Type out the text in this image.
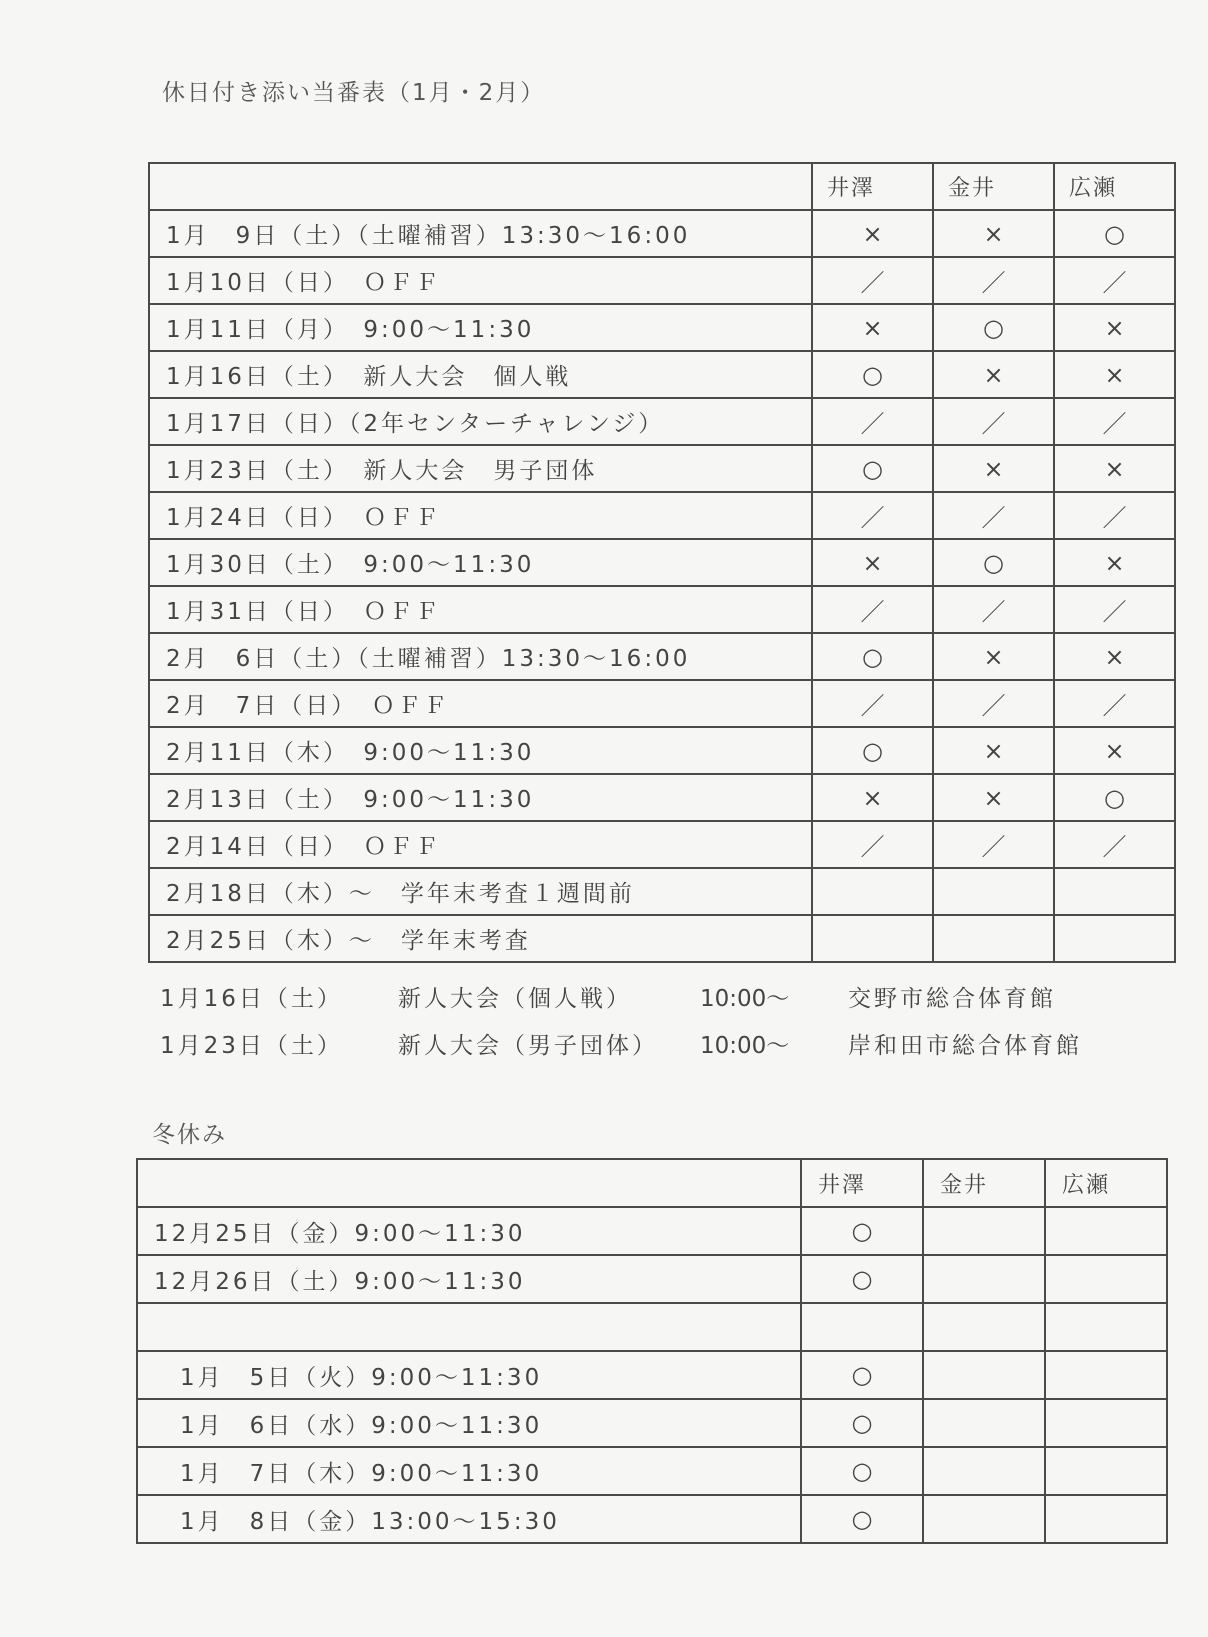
休日付き添い当番表（1月・2月）
	井澤	金井	広瀬
1月　9日（土）（土曜補習）13:30〜16:00	×	×	○
1月10日（日）　ＯＦＦ	／	／	／
1月11日（月）　9:00〜11:30	×	○	×
1月16日（土）　新人大会　個人戦	○	×	×
1月17日（日）（2年センターチャレンジ）	／	／	／
1月23日（土）　新人大会　男子団体	○	×	×
1月24日（日）　ＯＦＦ	／	／	／
1月30日（土）　9:00〜11:30	×	○	×
1月31日（日）　ＯＦＦ	／	／	／
2月　6日（土）（土曜補習）13:30〜16:00	○	×	×
2月　7日（日）　ＯＦＦ	／	／	／
2月11日（木）　9:00〜11:30	○	×	×
2月13日（土）　9:00〜11:30	×	×	○
2月14日（日）　ＯＦＦ	／	／	／
2月18日（木）〜　学年末考査１週間前			
2月25日（木）〜　学年末考査			
1月16日（土） 新人大会（個人戦）	10:00〜	交野市総合体育館
1月23日（土） 新人大会（男子団体） 10:00〜	岸和田市総合体育館
冬休み
	井澤	金井	広瀬
12月25日（金）9:00〜11:30	○		
12月26日（土）9:00〜11:30	○		

　1月　5日（火）9:00〜11:30	○		
　1月　6日（水）9:00〜11:30	○		
　1月　7日（木）9:00〜11:30	○		
　1月　8日（金）13:00〜15:30	○		
